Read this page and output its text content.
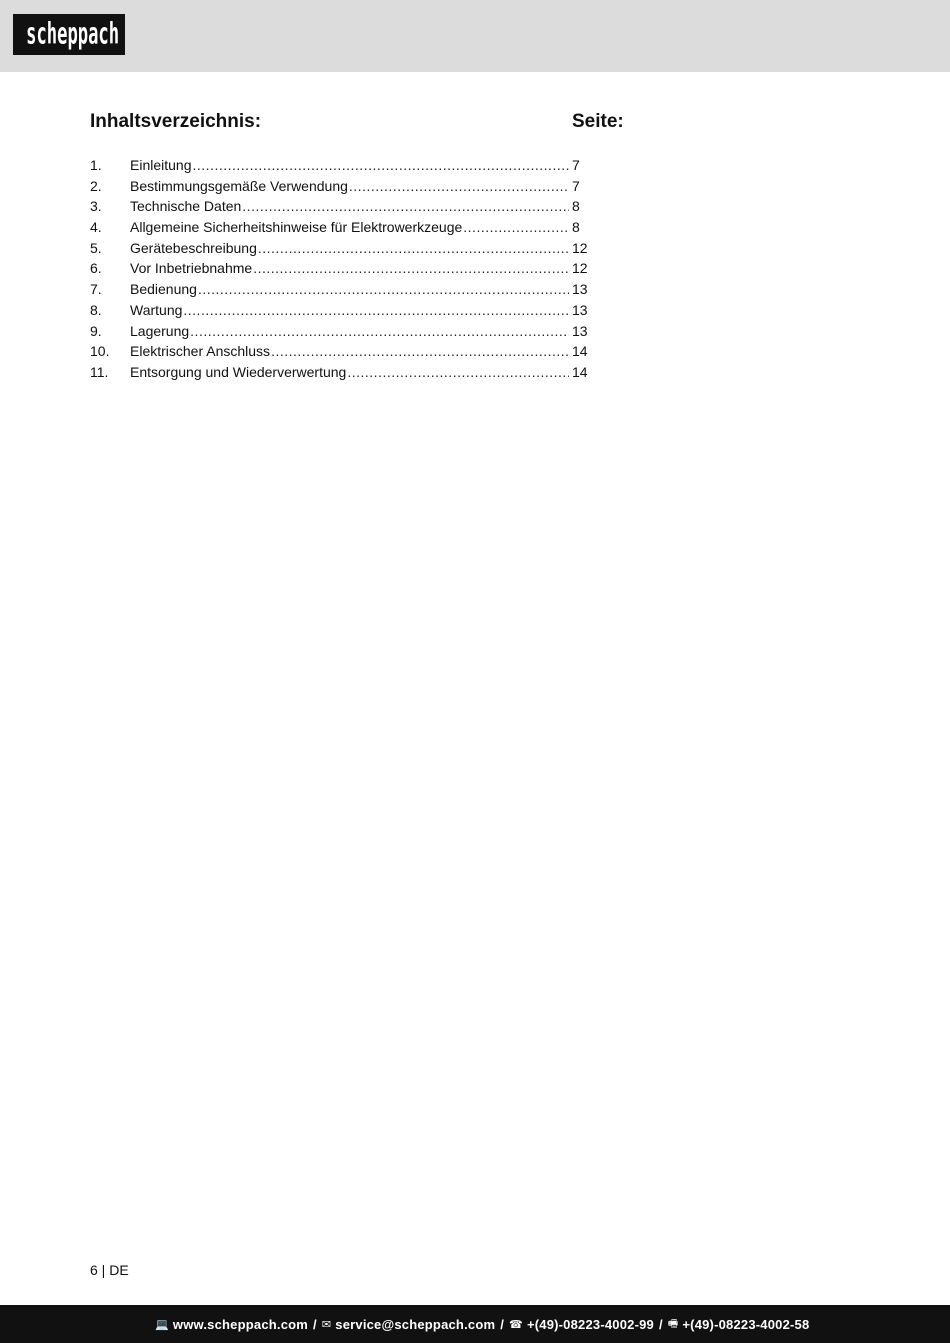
scheppach
Inhaltsverzeichnis:	Seite:
1.	Einleitung .....	7
2.	Bestimmungsgemäße Verwendung .....	7
3.	Technische Daten .....	8
4.	Allgemeine Sicherheitshinweise für Elektrowerkzeuge .....	8
5.	Gerätebeschreibung .....	12
6.	Vor Inbetriebnahme .....	12
7.	Bedienung .....	13
8.	Wartung .....	13
9.	Lagerung .....	13
10.	Elektrischer Anschluss .....	14
11.	Entsorgung und Wiederverwertung .....	14
6 | DE
💻 www.scheppach.com / ✉ service@scheppach.com / ☎ +(49)-08223-4002-99 / 🖷 +(49)-08223-4002-58
